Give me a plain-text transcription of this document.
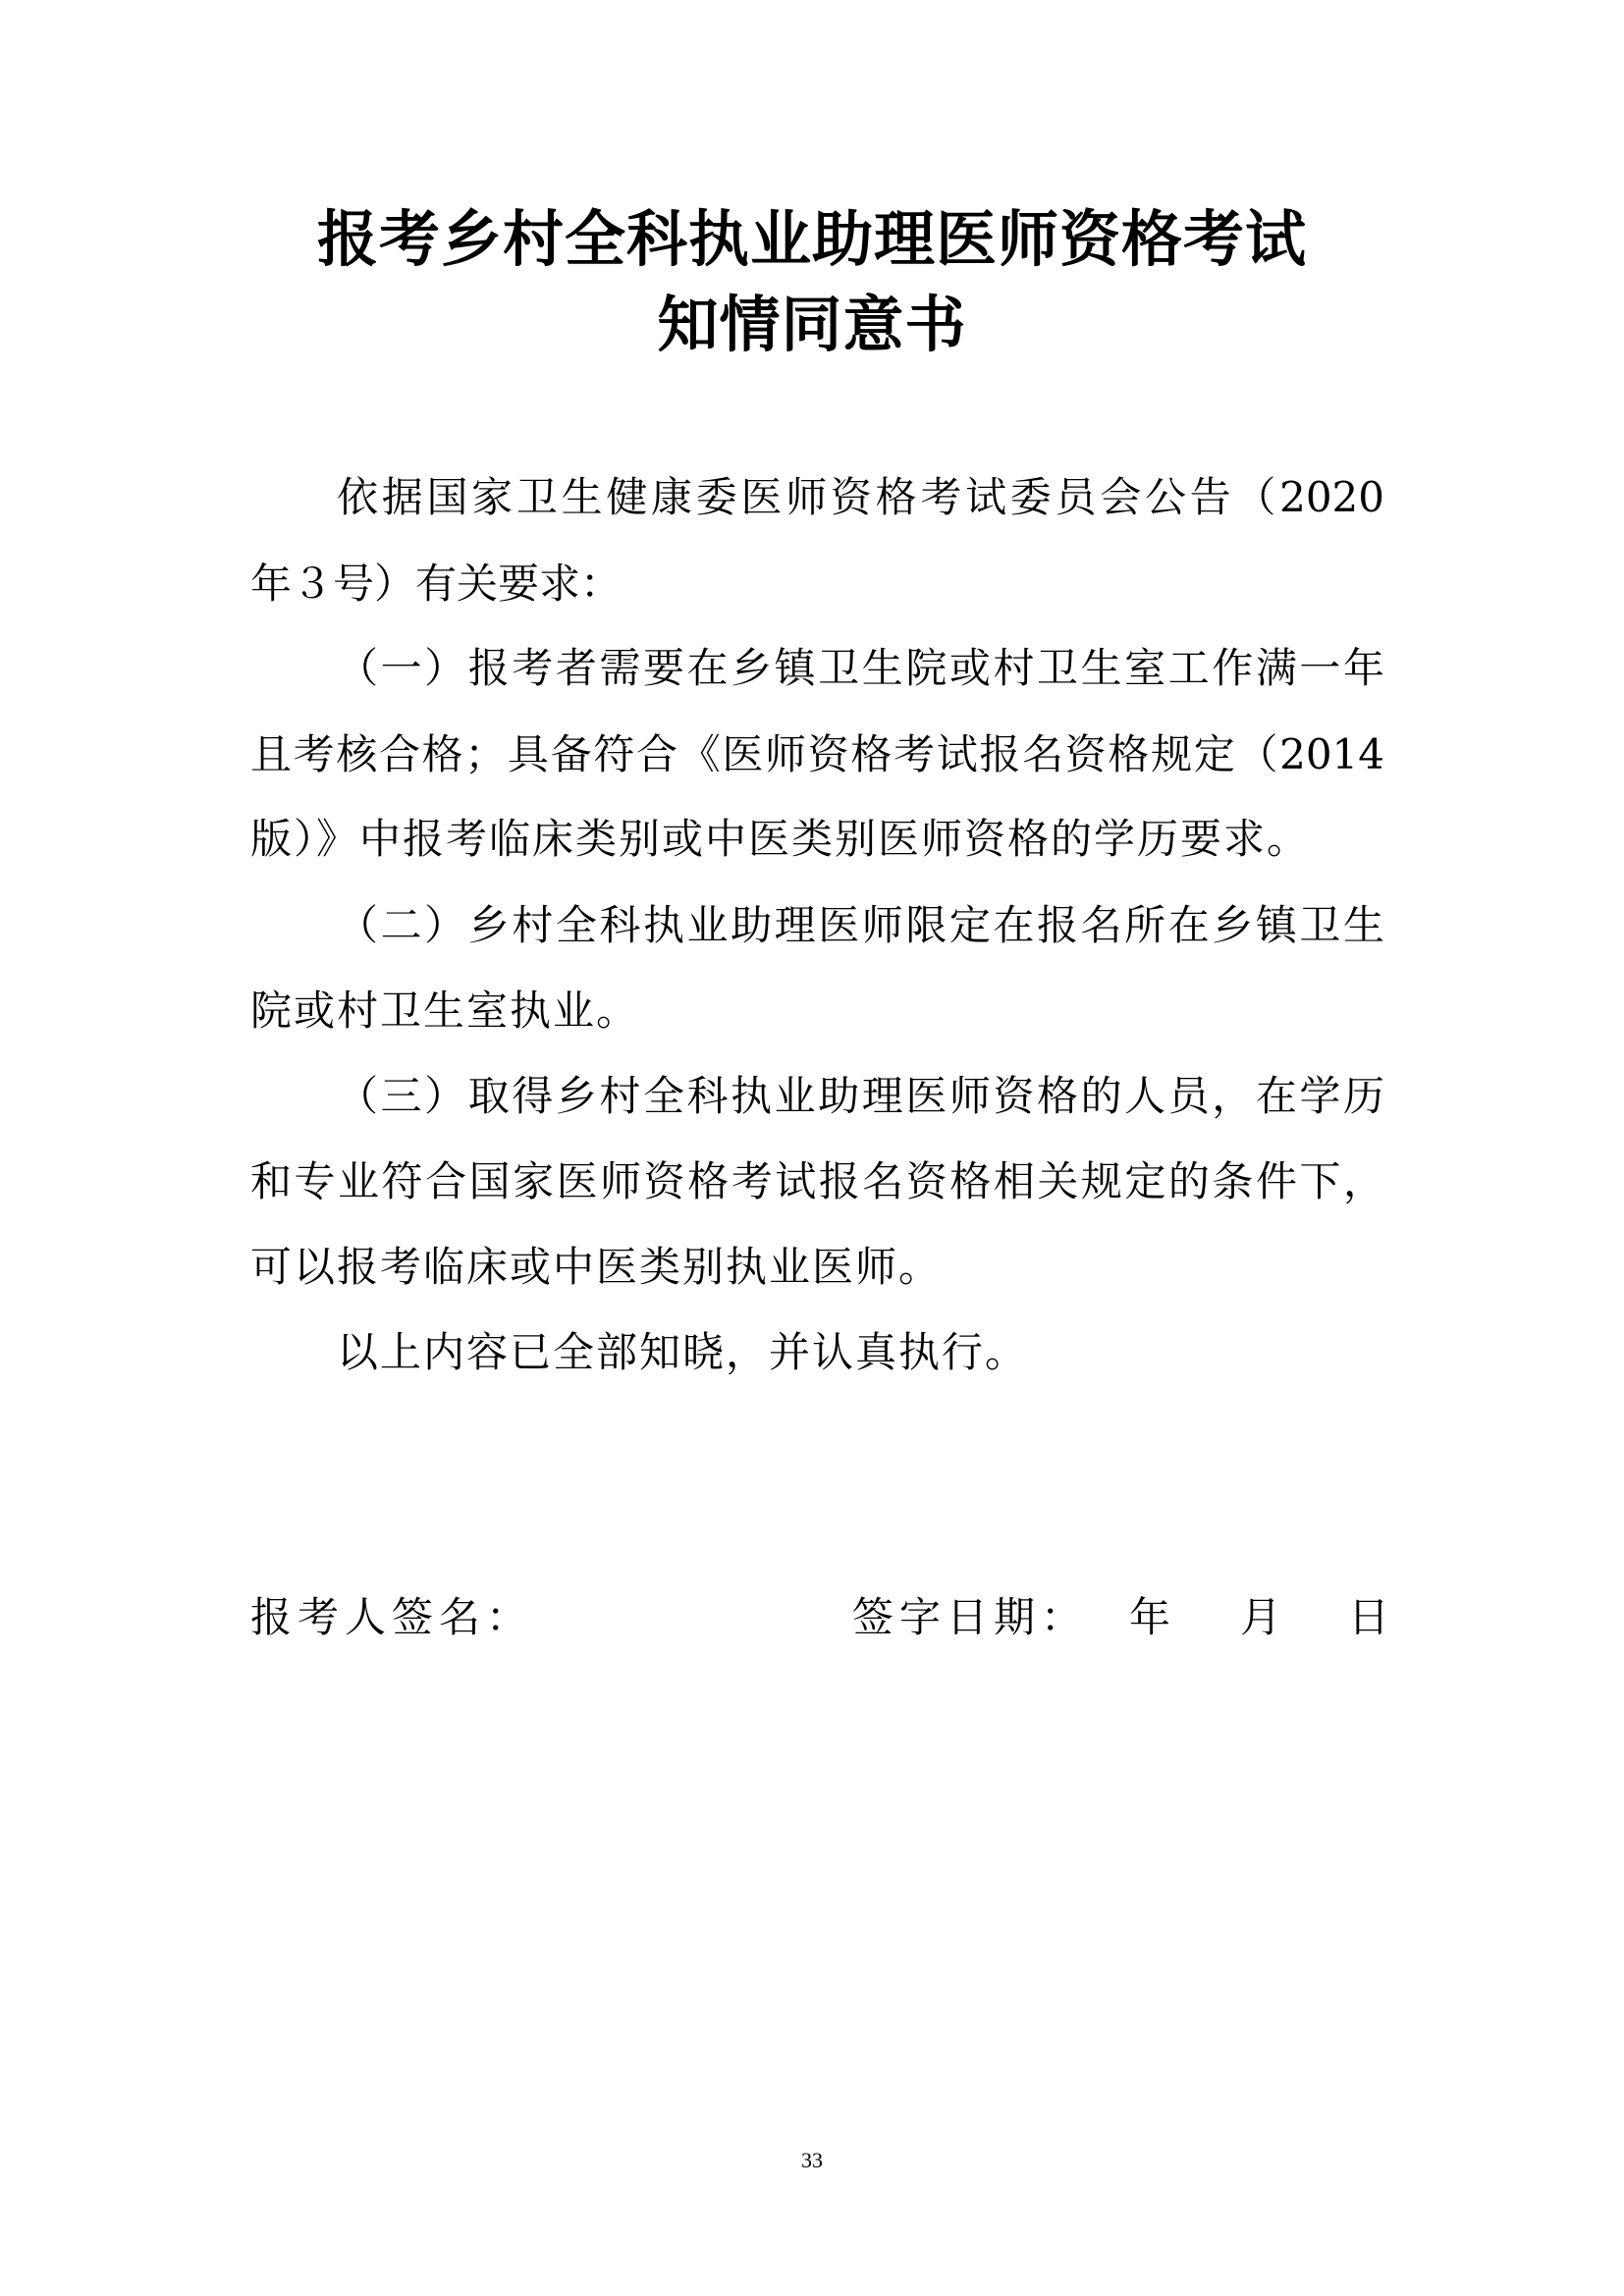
报考乡村全科执业助理医师资格考试
知情同意书
依据国家卫生健康委医师资格考试委员会公告（2020
年３号）有关要求：
（一）报考者需要在乡镇卫生院或村卫生室工作满一年
且考核合格；具备符合《医师资格考试报名资格规定（2014
版）》中报考临床类别或中医类别医师资格的学历要求。
（二）乡村全科执业助理医师限定在报名所在乡镇卫生
院或村卫生室执业。
（三）取得乡村全科执业助理医师资格的人员，在学历
和专业符合国家医师资格考试报名资格相关规定的条件下，
可以报考临床或中医类别执业医师。
以上内容已全部知晓，并认真执行。
报考人签名：	签字日期： 年 月 日
33
